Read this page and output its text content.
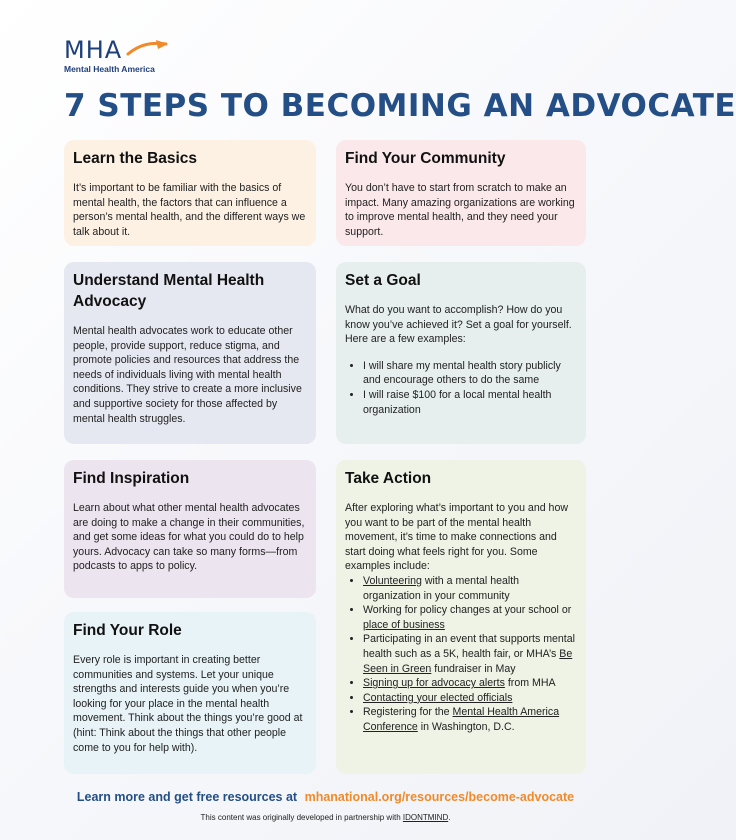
MHA
Mental Health America
7 STEPS TO BECOMING AN ADVOCATE
Learn the Basics

It’s important to be familiar with the basics of mental health, the factors that can influence a person’s mental health, and the different ways we talk about it.

Find Your Community

You don’t have to start from scratch to make an impact. Many amazing organizations are working to improve mental health, and they need your support.

Understand Mental Health Advocacy

Mental health advocates work to educate other people, provide support, reduce stigma, and promote policies and resources that address the needs of individuals living with mental health conditions. They strive to create a more inclusive and supportive society for those affected by mental health struggles.

Set a Goal

What do you want to accomplish? How do you know you’ve achieved it? Set a goal for yourself. Here are a few examples:

• I will share my mental health story publicly and encourage others to do the same
• I will raise $100 for a local mental health organization
Find Inspiration

Learn about what other mental health advocates are doing to make a change in their communities, and get some ideas for what you could do to help yours. Advocacy can take so many forms—from podcasts to apps to policy.

Take Action

After exploring what’s important to you and how you want to be part of the mental health movement, it’s time to make connections and start doing what feels right for you. Some examples include:

• Volunteering with a mental health organization in your community
• Working for policy changes at your school or place of business
• Participating in an event that supports mental health such as a 5K, health fair, or MHA’s Be Seen in Green fundraiser in May
• Signing up for advocacy alerts from MHA
• Contacting your elected officials
• Registering for the Mental Health America Conference in Washington, D.C.
Find Your Role

Every role is important in creating better communities and systems. Let your unique strengths and interests guide you when you’re looking for your place in the mental health movement. Think about the things you’re good at (hint: Think about the things that other people come to you for help with).

Learn more and get free resources at mhanational.org/resources/become-advocate
This content was originally developed in partnership with IDONTMIND.
